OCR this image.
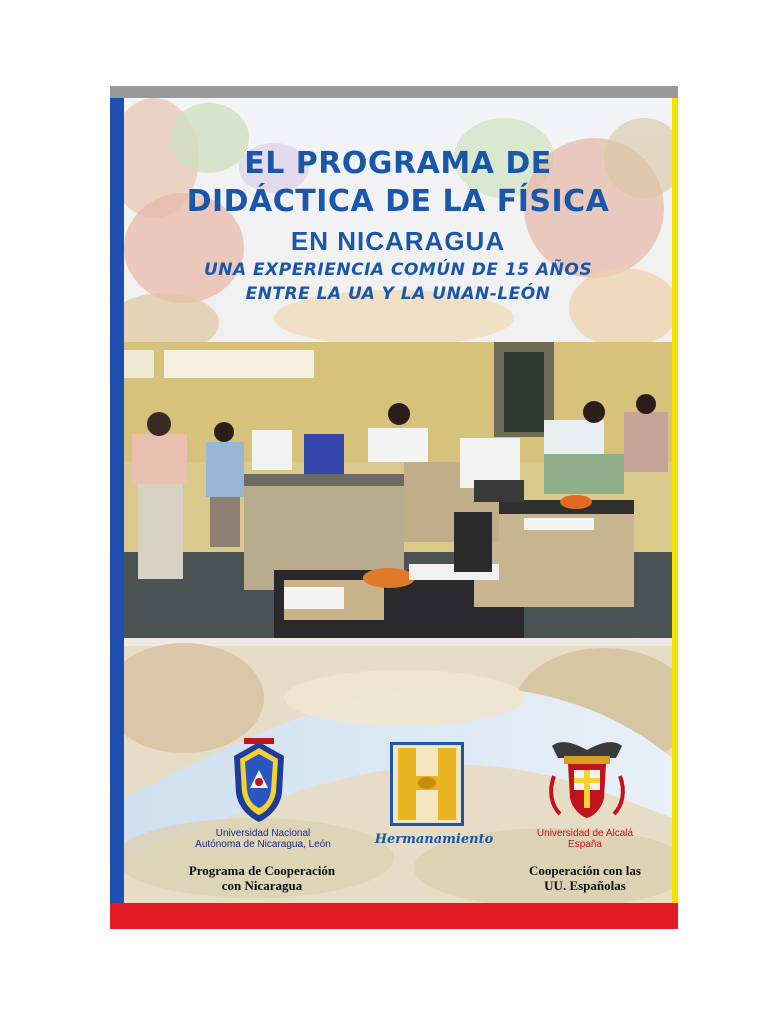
EL PROGRAMA DE
DIDÁCTICA DE LA FÍSICA
EN NICARAGUA
UNA EXPERIENCIA COMÚN DE 15 AÑOS
ENTRE LA UA Y LA UNAN-LEÓN

Universidad Nacional
Autónoma de Nicaragua, León	Hermanamiento	Universidad de Alcalá
España

Programa de Cooperación
con Nicaragua

Cooperación con las
UU. Españolas
